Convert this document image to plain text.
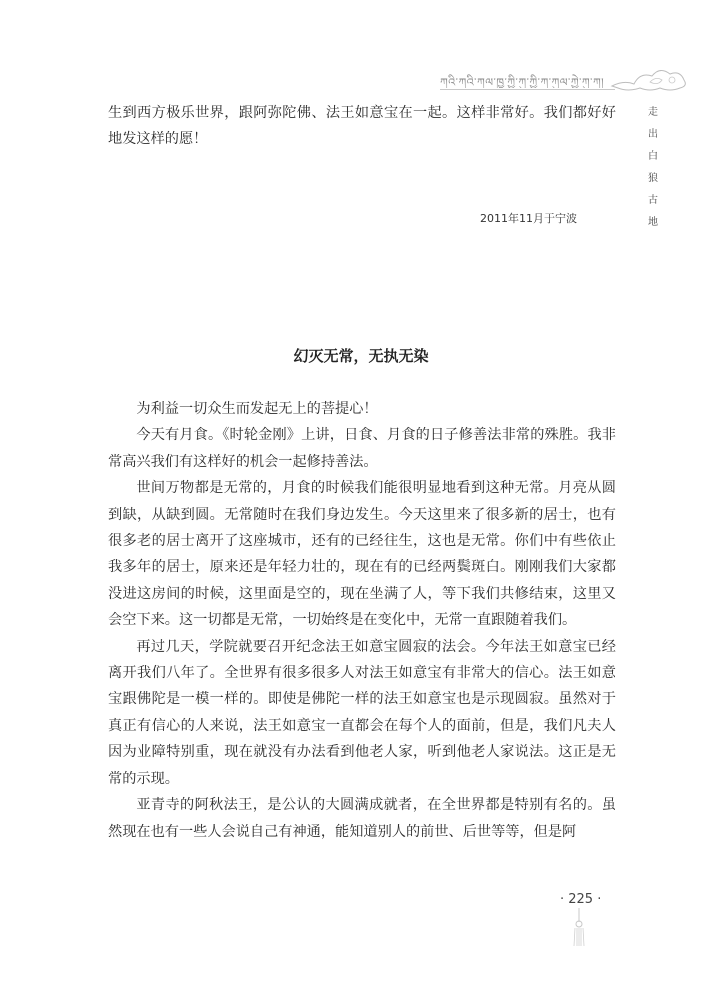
ཀའི་ཀའི་ཀལ་ཁྱ་ཀྱི་ཀུ་ཀྱི་ཀ་ཀུལ་ཀྱེ་ཀུ་ཀ།
走
出
白
狼
古
地

生到西方极乐世界，跟阿弥陀佛、法王如意宝在一起。这样非常好。我们都好好地发这样的愿！

2011年11月于宁波
幻灭无常，无执无染

为利益一切众生而发起无上的菩提心！

今天有月食。《时轮金刚》上讲，日食、月食的日子修善法非常的殊胜。我非常高兴我们有这样好的机会一起修持善法。

世间万物都是无常的，月食的时候我们能很明显地看到这种无常。月亮从圆到缺，从缺到圆。无常随时在我们身边发生。今天这里来了很多新的居士，也有很多老的居士离开了这座城市，还有的已经往生，这也是无常。你们中有些依止我多年的居士，原来还是年轻力壮的，现在有的已经两鬓斑白。刚刚我们大家都没进这房间的时候，这里面是空的，现在坐满了人，等下我们共修结束，这里又会空下来。这一切都是无常，一切始终是在变化中，无常一直跟随着我们。

再过几天，学院就要召开纪念法王如意宝圆寂的法会。今年法王如意宝已经离开我们八年了。全世界有很多很多人对法王如意宝有非常大的信心。法王如意宝跟佛陀是一模一样的。即使是佛陀一样的法王如意宝也是示现圆寂。虽然对于真正有信心的人来说，法王如意宝一直都会在每个人的面前，但是，我们凡夫人因为业障特别重，现在就没有办法看到他老人家，听到他老人家说法。这正是无常的示现。

亚青寺的阿秋法王，是公认的大圆满成就者，在全世界都是特别有名的。虽然现在也有一些人会说自己有神通，能知道别人的前世、后世等等，但是阿

· 225 ·
